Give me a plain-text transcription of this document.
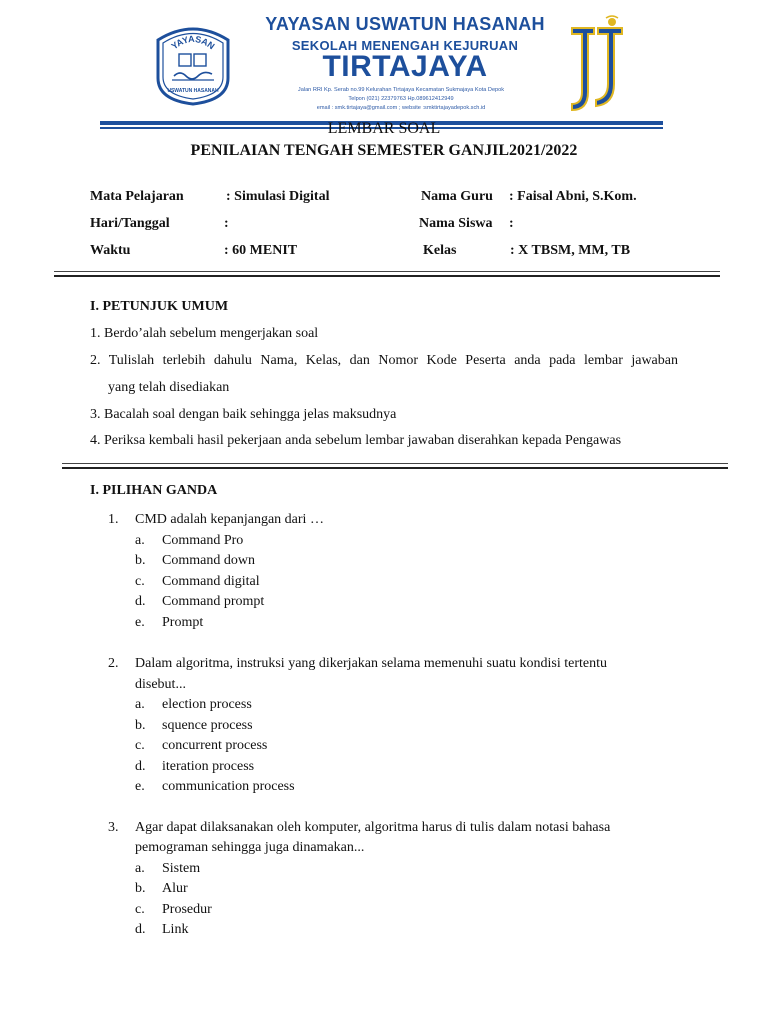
YAYASAN
USWATUN HASANAH
YAYASAN USWATUN HASANAH
SEKOLAH MENENGAH KEJURUAN
TIRTAJAYA
Jalan RRI Kp. Serab no.99 Kelurahan Tirtajaya Kecamatan Sukmajaya Kota Depok
Telpon (021) 22379763 Hp.089612412949
email : smk.tirtajaya@gmail.com ; website :smktirtajayadepok.sch.id
LEMBAR SOAL
PENILAIAN TENGAH SEMESTER GANJIL2021/2022
Mata Pelajaran	: Simulasi Digital	Nama Guru : Faisal Abni, S.Kom.
Hari/Tanggal	:	Nama Siswa :
Waktu	: 60 MENIT	Kelas	: X TBSM, MM, TB
I. PETUNJUK UMUM
1. Berdo’alah sebelum mengerjakan soal
2. Tulislah terlebih dahulu Nama, Kelas, dan Nomor Kode Peserta anda pada lembar jawaban
yang telah disediakan
3. Bacalah soal dengan baik sehingga jelas maksudnya
4. Periksa kembali hasil pekerjaan anda sebelum lembar jawaban diserahkan kepada Pengawas
I. PILIHAN GANDA
1. CMD adalah kepanjangan dari …
a. Command Pro
b. Command down
c. Command digital
d. Command prompt
e. Prompt
2. Dalam algoritma, instruksi yang dikerjakan selama memenuhi suatu kondisi tertentu
disebut...
a. election process
b. squence process
c. concurrent process
d. iteration process
e. communication process
3. Agar dapat dilaksanakan oleh komputer, algoritma harus di tulis dalam notasi bahasa
pemograman sehingga juga dinamakan...
a. Sistem
b. Alur
c. Prosedur
d. Link
